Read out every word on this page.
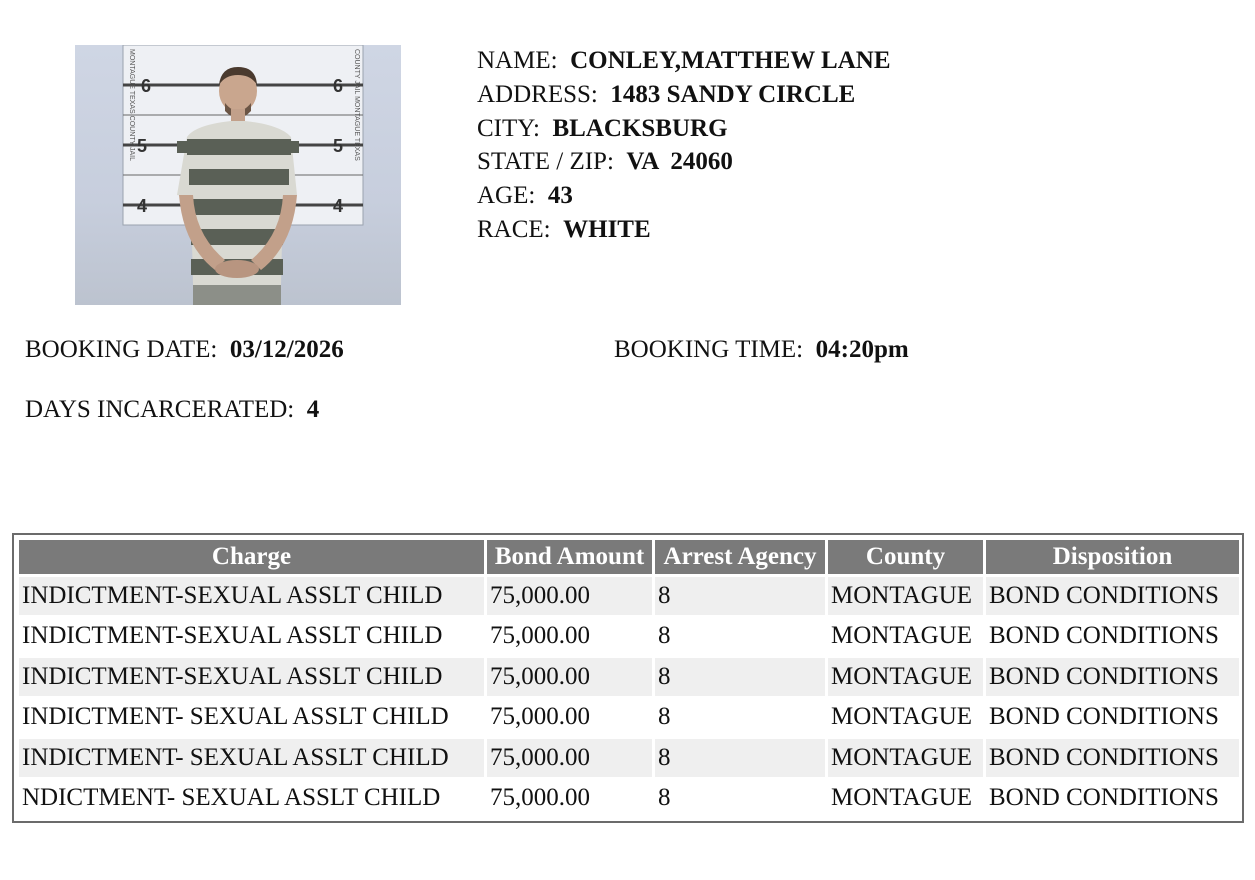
6	6
5	5
4	4
MONTAGUE TEXAS COUNTY JAIL	COUNTY JAIL MONTAGUE TEXAS	NAME: CONLEY,MATTHEW LANE
ADDRESS: 1483 SANDY CIRCLE
CITY: BLACKSBURG
STATE / ZIP: VA  24060
AGE: 43
RACE: WHITE
BOOKING DATE: 03/12/2026	BOOKING TIME: 04:20pm
DAYS INCARCERATED: 4
Charge	Bond Amount	Arrest Agency	County	Disposition
INDICTMENT-SEXUAL ASSLT CHILD	75,000.00	8	MONTAGUE	BOND CONDITIONS
INDICTMENT-SEXUAL ASSLT CHILD	75,000.00	8	MONTAGUE	BOND CONDITIONS
INDICTMENT-SEXUAL ASSLT CHILD	75,000.00	8	MONTAGUE	BOND CONDITIONS
INDICTMENT- SEXUAL ASSLT CHILD	75,000.00	8	MONTAGUE	BOND CONDITIONS
INDICTMENT- SEXUAL ASSLT CHILD	75,000.00	8	MONTAGUE	BOND CONDITIONS
NDICTMENT- SEXUAL ASSLT CHILD	75,000.00	8	MONTAGUE	BOND CONDITIONS
